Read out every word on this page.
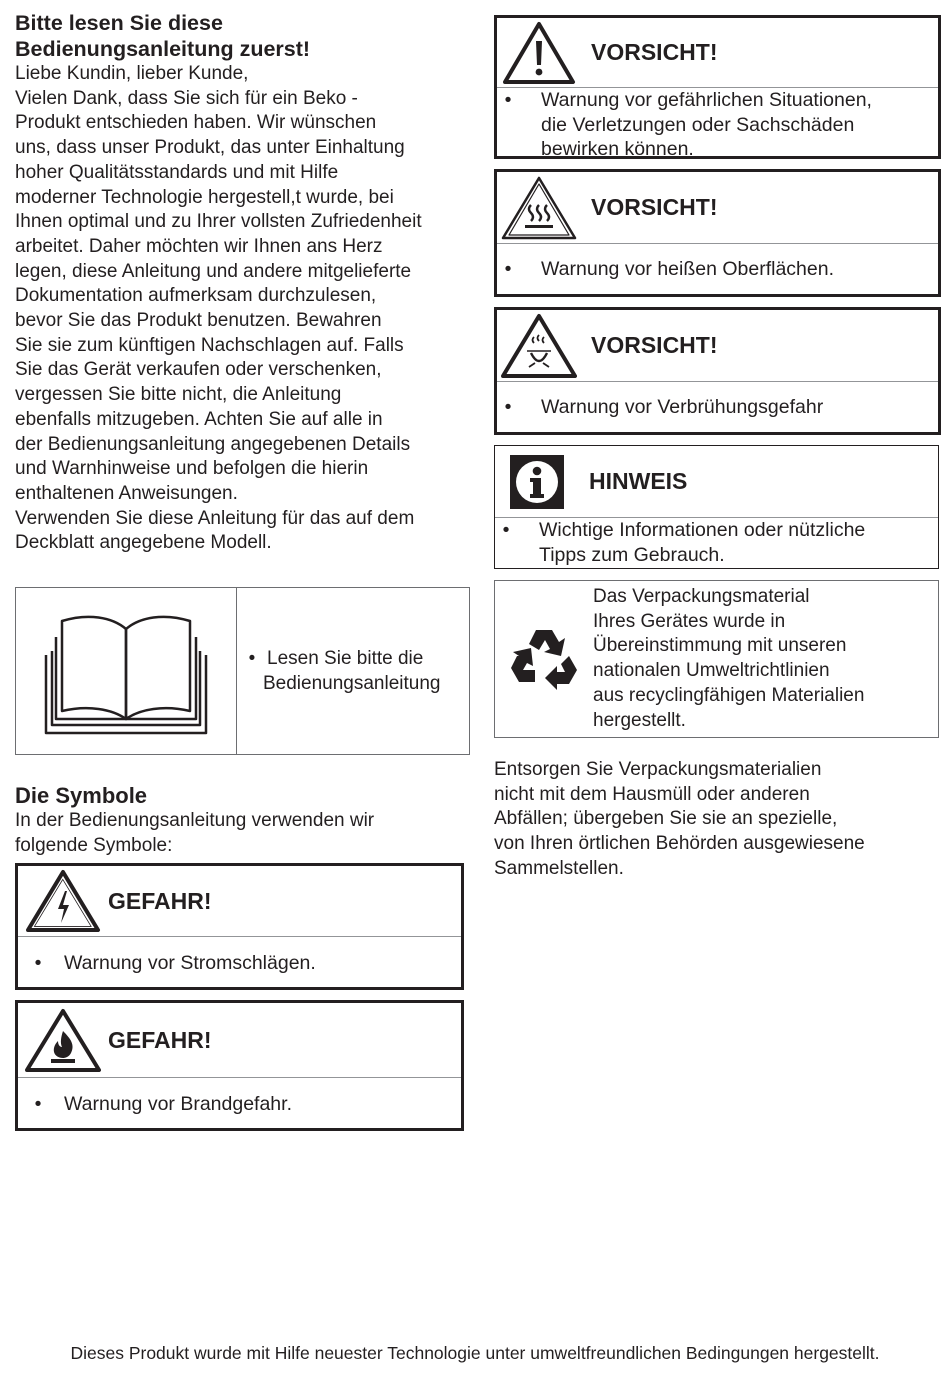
Bitte lesen Sie diese
Bedienungsanleitung zuerst!

Liebe Kundin, lieber Kunde,
Vielen Dank, dass Sie sich für ein Beko -
Produkt entschieden haben. Wir wünschen
uns, dass unser Produkt, das unter Einhaltung
hoher Qualitätsstandards und mit Hilfe
moderner Technologie hergestell,t wurde, bei
Ihnen optimal und zu Ihrer vollsten Zufriedenheit
arbeitet. Daher möchten wir Ihnen ans Herz
legen, diese Anleitung und andere mitgelieferte
Dokumentation aufmerksam durchzulesen,
bevor Sie das Produkt benutzen. Bewahren
Sie sie zum künftigen Nachschlagen auf. Falls
Sie das Gerät verkaufen oder verschenken,
vergessen Sie bitte nicht, die Anleitung
ebenfalls mitzugeben. Achten Sie auf alle in
der Bedienungsanleitung angegebenen Details
und Warnhinweise und befolgen die hierin
enthaltenen Anweisungen.
Verwenden Sie diese Anleitung für das auf dem
Deckblatt angegebene Modell.

• Lesen Sie bitte die
Bedienungsanleitung
Die Symbole

In der Bedienungsanleitung verwenden wir
folgende Symbole:

GEFAHR!
•	Warnung vor Stromschlägen.
GEFAHR!
•	Warnung vor Brandgefahr.
VORSICHT!
•	Warnung vor gefährlichen Situationen,
die Verletzungen oder Sachschäden
bewirken können.
VORSICHT!
•	Warnung vor heißen Oberflächen.
VORSICHT!
•	Warnung vor Verbrühungsgefahr
HINWEIS
•	Wichtige Informationen oder nützliche
Tipps zum Gebrauch.
Das Verpackungsmaterial
Ihres Gerätes wurde in
Übereinstimmung mit unseren
nationalen Umweltrichtlinien
aus recyclingfähigen Materialien
hergestellt.

Entsorgen Sie Verpackungsmaterialien
nicht mit dem Hausmüll oder anderen
Abfällen; übergeben Sie sie an spezielle,
von Ihren örtlichen Behörden ausgewiesene
Sammelstellen.

Dieses Produkt wurde mit Hilfe neuester Technologie unter umweltfreundlichen Bedingungen hergestellt.
